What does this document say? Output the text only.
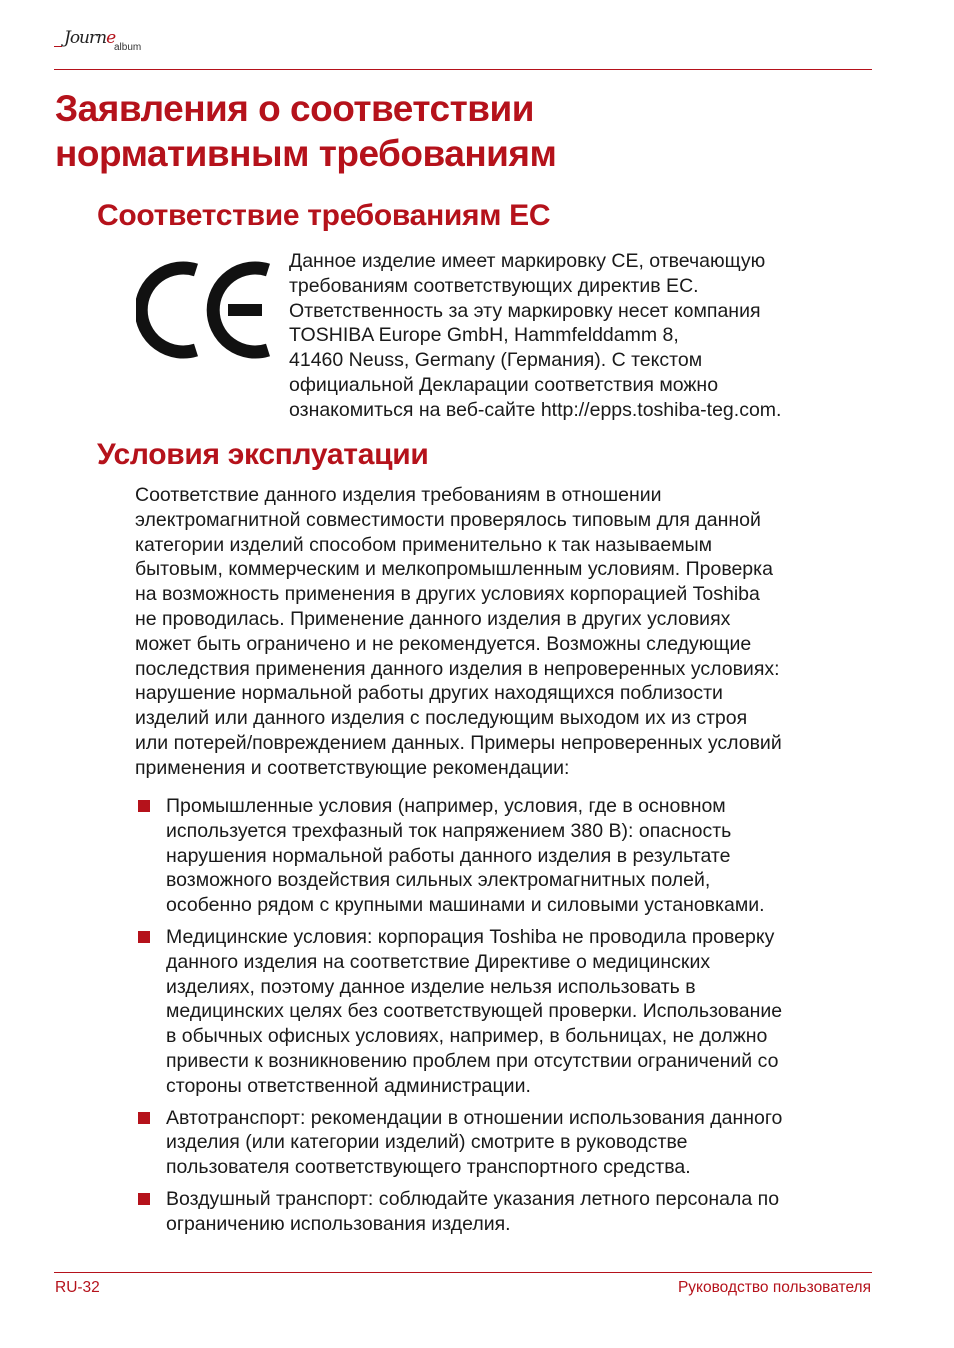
Journe
album
Заявления о соответствии
нормативным требованиям
Соответствие требованиям ЕС
Данное изделие имеет маркировку CE, отвечающую
требованиям соответствующих директив ЕС.
Ответственность за эту маркировку несет компания
TOSHIBA Europe GmbH, Hammfelddamm 8,
41460 Neuss, Germany (Германия). С текстом
официальной Декларации соответствия можно
ознакомиться на веб-сайте http://epps.toshiba-teg.com.

Условия эксплуатации
Соответствие данного изделия требованиям в отношении
электромагнитной совместимости проверялось типовым для данной
категории изделий способом применительно к так называемым
бытовым, коммерческим и мелкопромышленным условиям. Проверка
на возможность применения в других условиях корпорацией Toshiba
не проводилась. Применение данного изделия в других условиях
может быть ограничено и не рекомендуется. Возможны следующие
последствия применения данного изделия в непроверенных условиях:
нарушение нормальной работы других находящихся поблизости
изделий или данного изделия с последующим выходом их из строя
или потерей/повреждением данных. Примеры непроверенных условий
применения и соответствующие рекомендации:

Промышленные условия (например, условия, где в основном
используется трехфазный ток напряжением 380 В): опасность
нарушения нормальной работы данного изделия в результате
возможного воздействия сильных электромагнитных полей,
особенно рядом с крупными машинами и силовыми установками.

Медицинские условия: корпорация Toshiba не проводила проверку
данного изделия на соответствие Директиве о медицинских
изделиях, поэтому данное изделие нельзя использовать в
медицинских целях без соответствующей проверки. Использование
в обычных офисных условиях, например, в больницах, не должно
привести к возникновению проблем при отсутствии ограничений со
стороны ответственной администрации.

Автотранспорт: рекомендации в отношении использования данного
изделия (или категории изделий) смотрите в руководстве
пользователя соответствующего транспортного средства.

Воздушный транспорт: соблюдайте указания летного персонала по
ограничению использования изделия.

RU-32	Руководство пользователя
